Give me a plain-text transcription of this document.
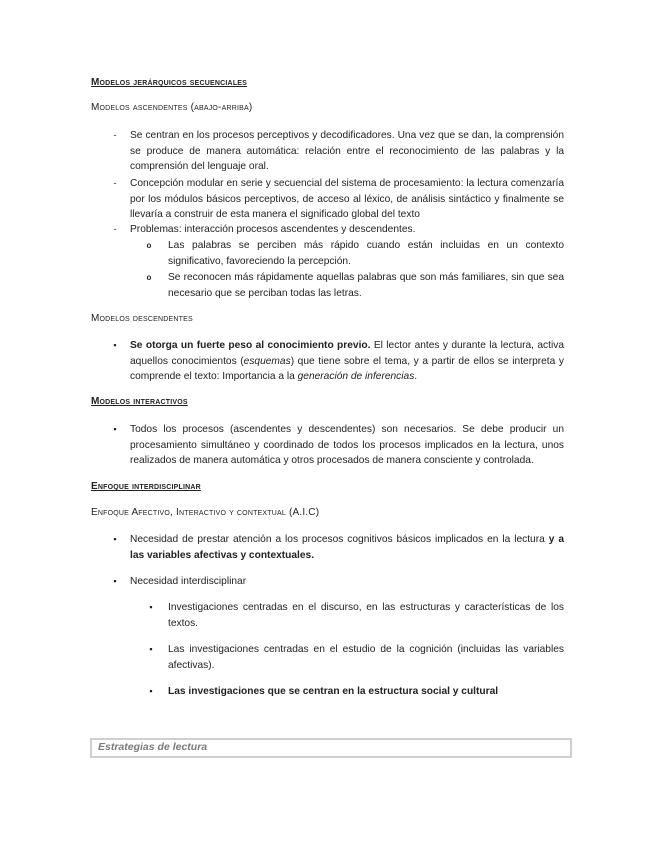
Modelos jerárquicos secuenciales
Modelos ascendentes (abajo-arriba)
-	Se centran en los procesos perceptivos y decodificadores. Una vez que se dan, la comprensión se produce de manera automática: relación entre el reconocimiento de las palabras y la comprensión del lenguaje oral.
-	Concepción modular en serie y secuencial del sistema de procesamiento: la lectura comenzaría por los módulos básicos perceptivos, de acceso al léxico, de análisis sintáctico y finalmente se llevaría a construir de esta manera el significado global del texto
-	Problemas: interacción procesos ascendentes y descendentes.
o Las palabras se perciben más rápido cuando están incluidas en un contexto significativo, favoreciendo la percepción.
o Se reconocen más rápidamente aquellas palabras que son más familiares, sin que sea necesario que se perciban todas las letras.
Modelos descendentes
▪	Se otorga un fuerte peso al conocimiento previo. El lector antes y durante la lectura, activa aquellos conocimientos (esquemas) que tiene sobre el tema, y a partir de ellos se interpreta y comprende el texto: Importancia a la generación de inferencias.
Modelos interactivos
▪	Todos los procesos (ascendentes y descendentes) son necesarios. Se debe producir un procesamiento simultáneo y coordinado de todos los procesos implicados en la lectura, unos realizados de manera automática y otros procesados de manera consciente y controlada.
Enfoque interdisciplinar
Enfoque Afectivo, Interactivo y contextual (A.I.C)
▪	Necesidad de prestar atención a los procesos cognitivos básicos implicados en la lectura y a las variables afectivas y contextuales.
▪	Necesidad interdisciplinar
▪	Investigaciones centradas en el discurso, en las estructuras y características de los textos.
▪	Las investigaciones centradas en el estudio de la cognición (incluidas las variables afectivas).
▪	Las investigaciones que se centran en la estructura social y cultural
Estrategias de lectura
